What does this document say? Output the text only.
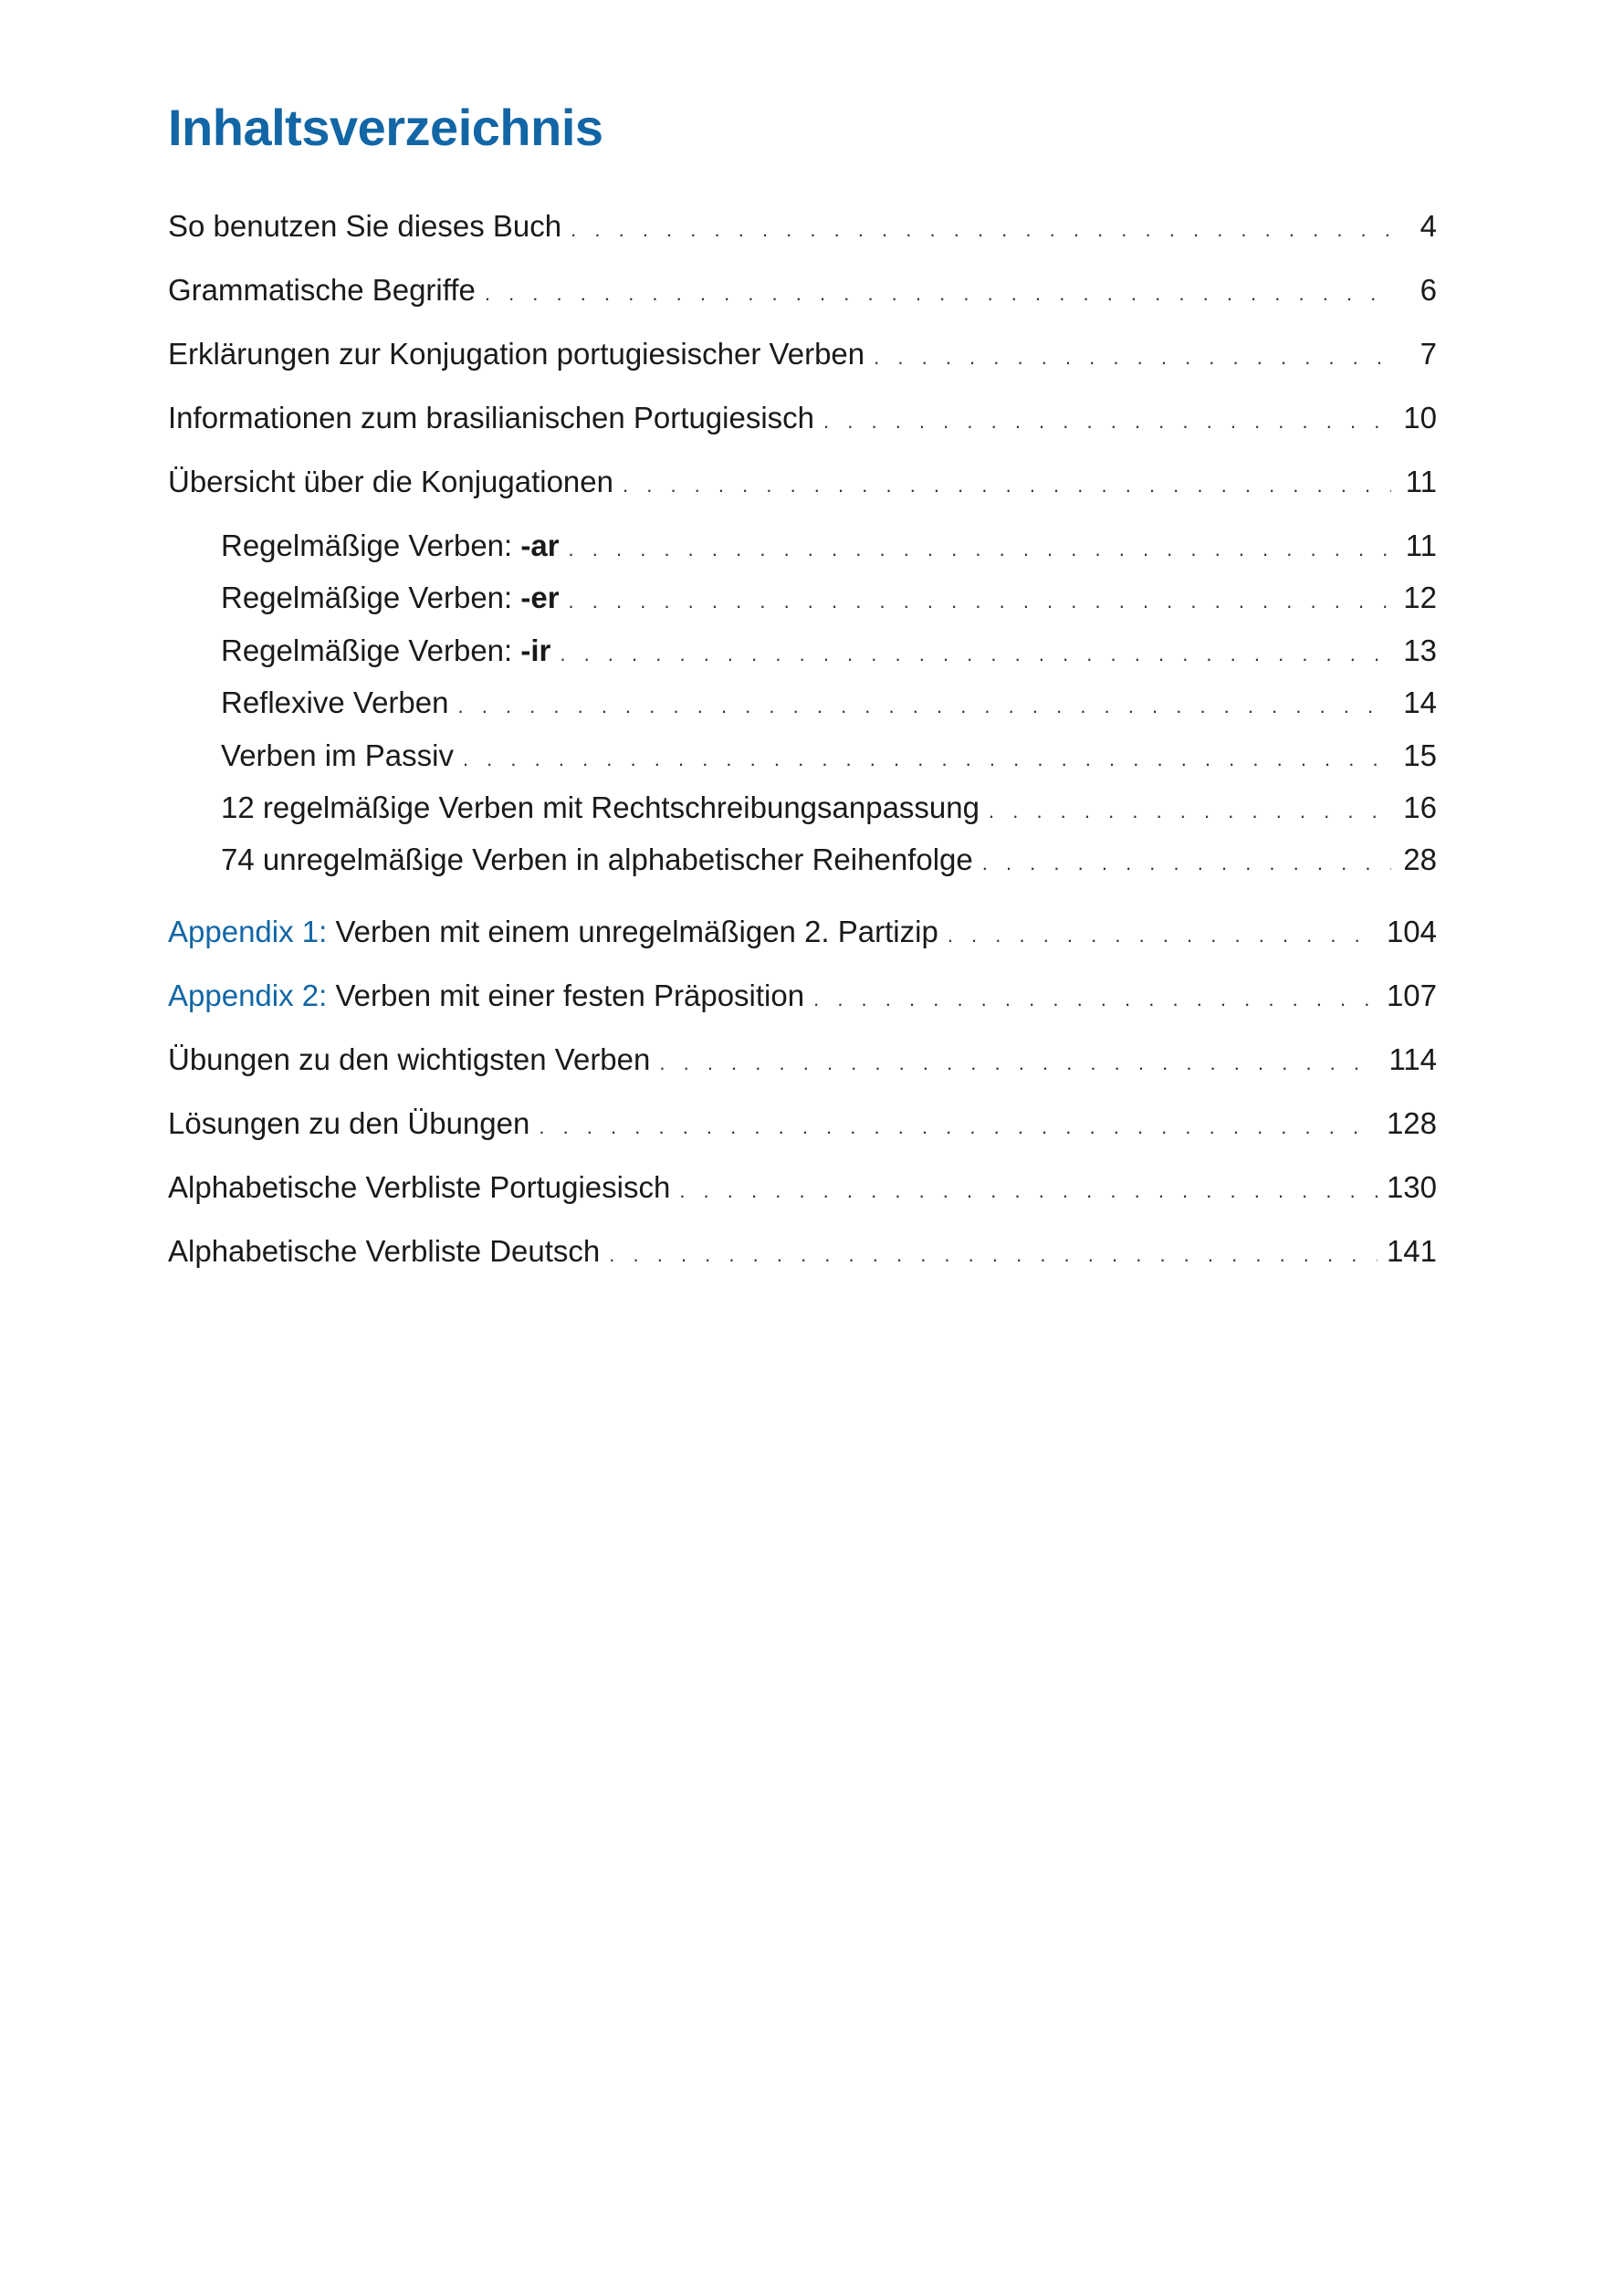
Inhaltsverzeichnis
So benutzen Sie dieses Buch . . .	4
Grammatische Begriffe . . .	6
Erklärungen zur Konjugation portugiesischer Verben . . .	7
Informationen zum brasilianischen Portugiesisch . . .	10
Übersicht über die Konjugationen . . .	11
Regelmäßige Verben: -ar . . .	11
Regelmäßige Verben: -er . . .	12
Regelmäßige Verben: -ir . . .	13
Reflexive Verben . . .	14
Verben im Passiv . . .	15
12 regelmäßige Verben mit Rechtschreibungsanpassung . . .	16
74 unregelmäßige Verben in alphabetischer Reihenfolge . . .	28
Appendix 1: Verben mit einem unregelmäßigen 2. Partizip . . .	104
Appendix 2: Verben mit einer festen Präposition . . .	107
Übungen zu den wichtigsten Verben . . .	114
Lösungen zu den Übungen . . .	128
Alphabetische Verbliste Portugiesisch . . .	130
Alphabetische Verbliste Deutsch . . .	141
